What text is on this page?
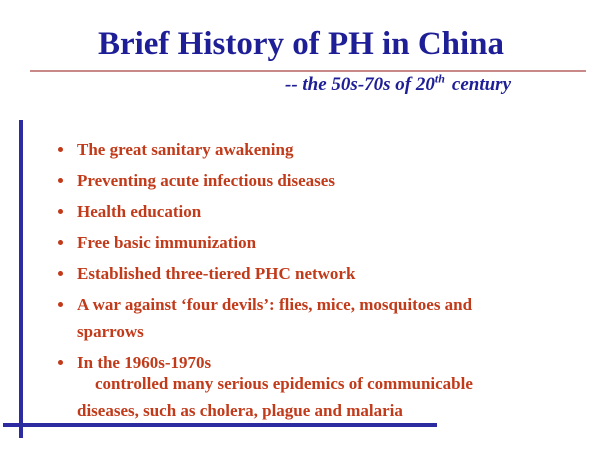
Brief History of PH in China
-- the 50s-70s of 20th century
The great sanitary awakening
Preventing acute infectious diseases
Health education
Free basic immunization
Established three-tiered PHC network
A war against ‘four devils’: flies, mice, mosquitoes and sparrows
In the 1960s-1970s

controlled many serious epidemics of communicable
diseases, such as cholera, plague and malaria
